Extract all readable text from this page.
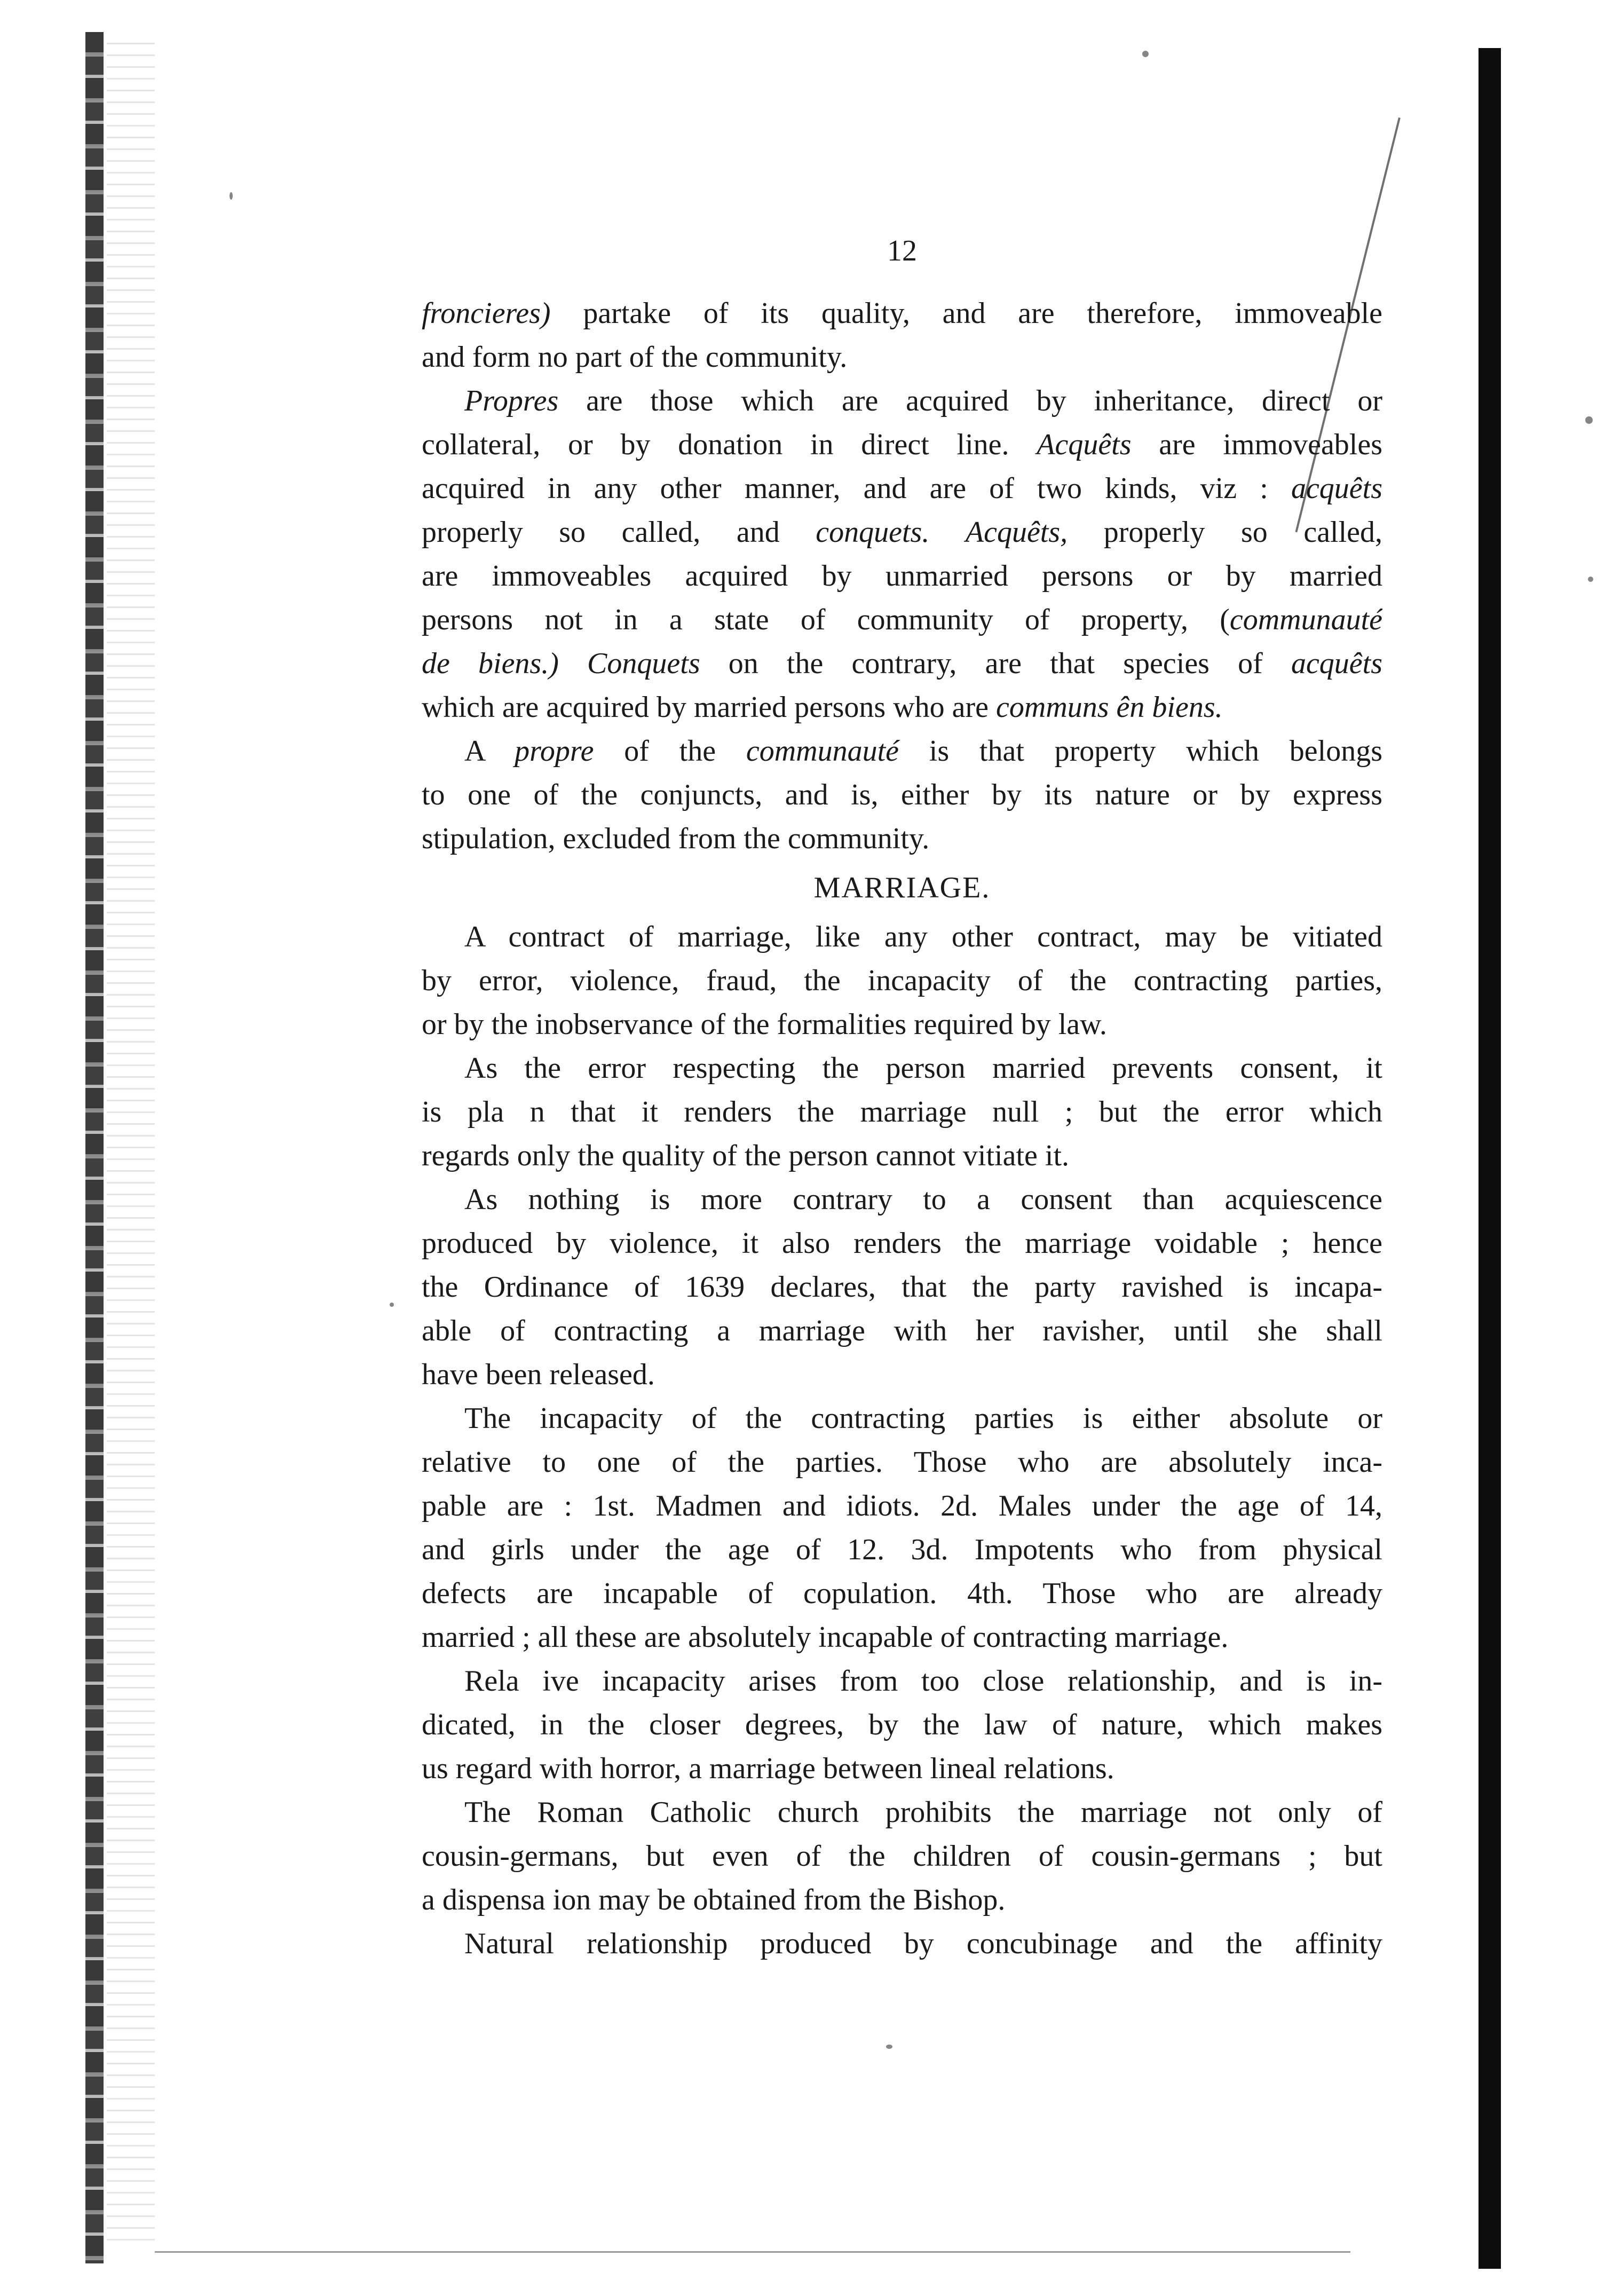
12
froncieres) partake of its quality, and are therefore, immoveable
and form no part of the community.
Propres are those which are acquired by inheritance, direct or
collateral, or by donation in direct line. Acquêts are immoveables
acquired in any other manner, and are of two kinds, viz : acquêts
properly so called, and conquets. Acquêts, properly so called,
are immoveables acquired by unmarried persons or by married
persons not in a state of community of property, (communauté
de biens.) Conquets on the contrary, are that species of acquêts
which are acquired by married persons who are communs ên biens.
A propre of the communauté is that property which belongs
to one of the conjuncts, and is, either by its nature or by express
stipulation, excluded from the community.
MARRIAGE.
A contract of marriage, like any other contract, may be vitiated
by error, violence, fraud, the incapacity of the contracting parties,
or by the inobservance of the formalities required by law.
As the error respecting the person married prevents consent, it
is pla n that it renders the marriage null ; but the error which
regards only the quality of the person cannot vitiate it.
As nothing is more contrary to a consent than acquiescence
produced by violence, it also renders the marriage voidable ; hence
the Ordinance of 1639 declares, that the party ravished is incapa-
able of contracting a marriage with her ravisher, until she shall
have been released.
The incapacity of the contracting parties is either absolute or
relative to one of the parties. Those who are absolutely inca-
pable are : 1st. Madmen and idiots. 2d. Males under the age of 14,
and girls under the age of 12. 3d. Impotents who from physical
defects are incapable of copulation. 4th. Those who are already
married ; all these are absolutely incapable of contracting marriage.
Rela ive incapacity arises from too close relationship, and is in-
dicated, in the closer degrees, by the law of nature, which makes
us regard with horror, a marriage between lineal relations.
The Roman Catholic church prohibits the marriage not only of
cousin-germans, but even of the children of cousin-germans ; but
a dispensa ion may be obtained from the Bishop.
Natural relationship produced by concubinage and the affinity
